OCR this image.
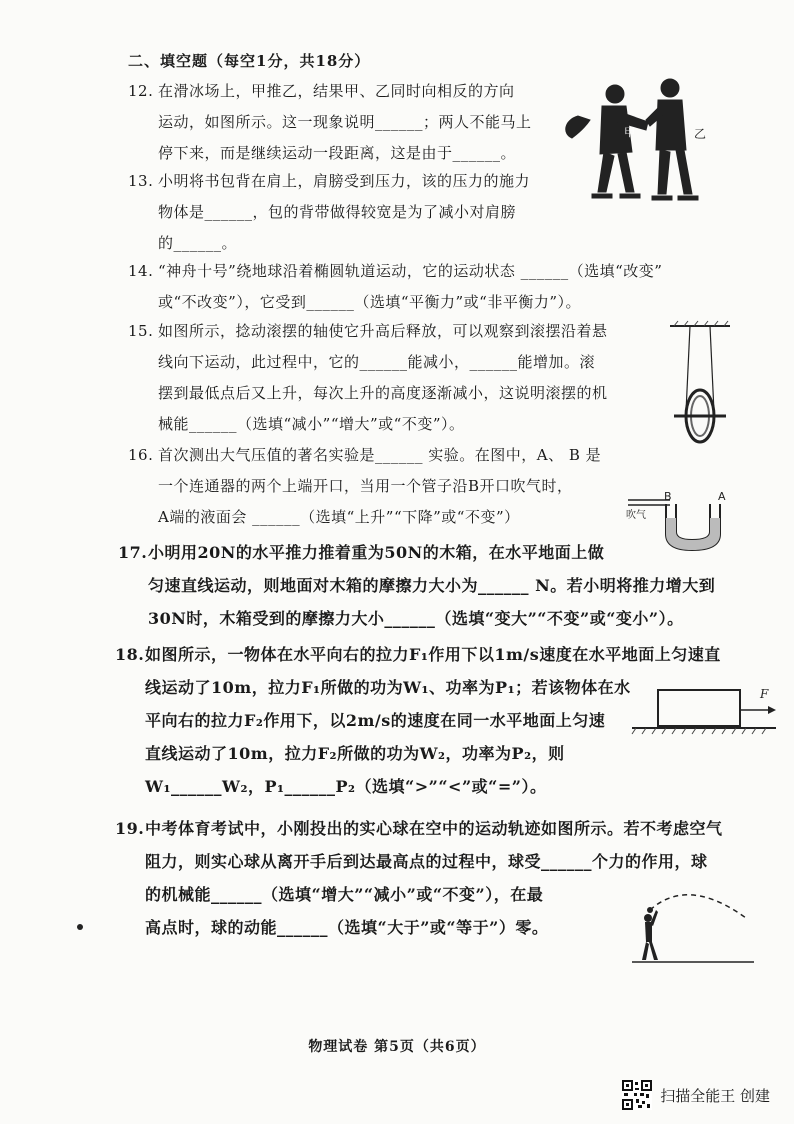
二、填空题（每空1分，共18分）
12. 在滑冰场上，甲推乙，结果甲、乙同时向相反的方向
运动，如图所示。这一现象说明______；两人不能马上
停下来，而是继续运动一段距离，这是由于______。
13. 小明将书包背在肩上，肩膀受到压力，该的压力的施力
物体是______，包的背带做得较宽是为了减小对肩膀
的______。
14. “神舟十号”绕地球沿着椭圆轨道运动，它的运动状态 ______（选填“改变”
或“不改变”），它受到______（选填“平衡力”或“非平衡力”）。
15. 如图所示，捻动滚摆的轴使它升高后释放，可以观察到滚摆沿着悬
线向下运动，此过程中，它的______能减小，______能增加。滚
摆到最低点后又上升，每次上升的高度逐渐减小，这说明滚摆的机
械能______（选填“减小”“增大”或“不变”）。
16. 首次测出大气压值的著名实验是______ 实验。在图中，A、 B 是
一个连通器的两个上端开口，当用一个管子沿B开口吹气时，
A端的液面会 ______（选填“上升”“下降”或“不变”）
17.小明用20N的水平推力推着重为50N的木箱，在水平地面上做
匀速直线运动，则地面对木箱的摩擦力大小为______ N。若小明将推力增大到
30N时，木箱受到的摩擦力大小______（选填“变大”“不变”或“变小”）。
18.如图所示，一物体在水平向右的拉力F₁作用下以1m/s速度在水平地面上匀速直
线运动了10m，拉力F₁所做的功为W₁、功率为P₁；若该物体在水
平向右的拉力F₂作用下，以2m/s的速度在同一水平地面上匀速
直线运动了10m，拉力F₂所做的功为W₂，功率为P₂，则
W₁______W₂，P₁______P₂（选填“>”“<”或“=”）。
19.中考体育考试中，小刚投出的实心球在空中的运动轨迹如图所示。若不考虑空气
阻力，则实心球从离开手后到达最高点的过程中，球受______个力的作用，球
的机械能______（选填“增大”“减小”或“不变”），在最
高点时，球的动能______（选填“大于”或“等于”）零。
甲	乙
B	A
吹气
F
物理试卷 第5页（共6页）
扫描全能王 创建
